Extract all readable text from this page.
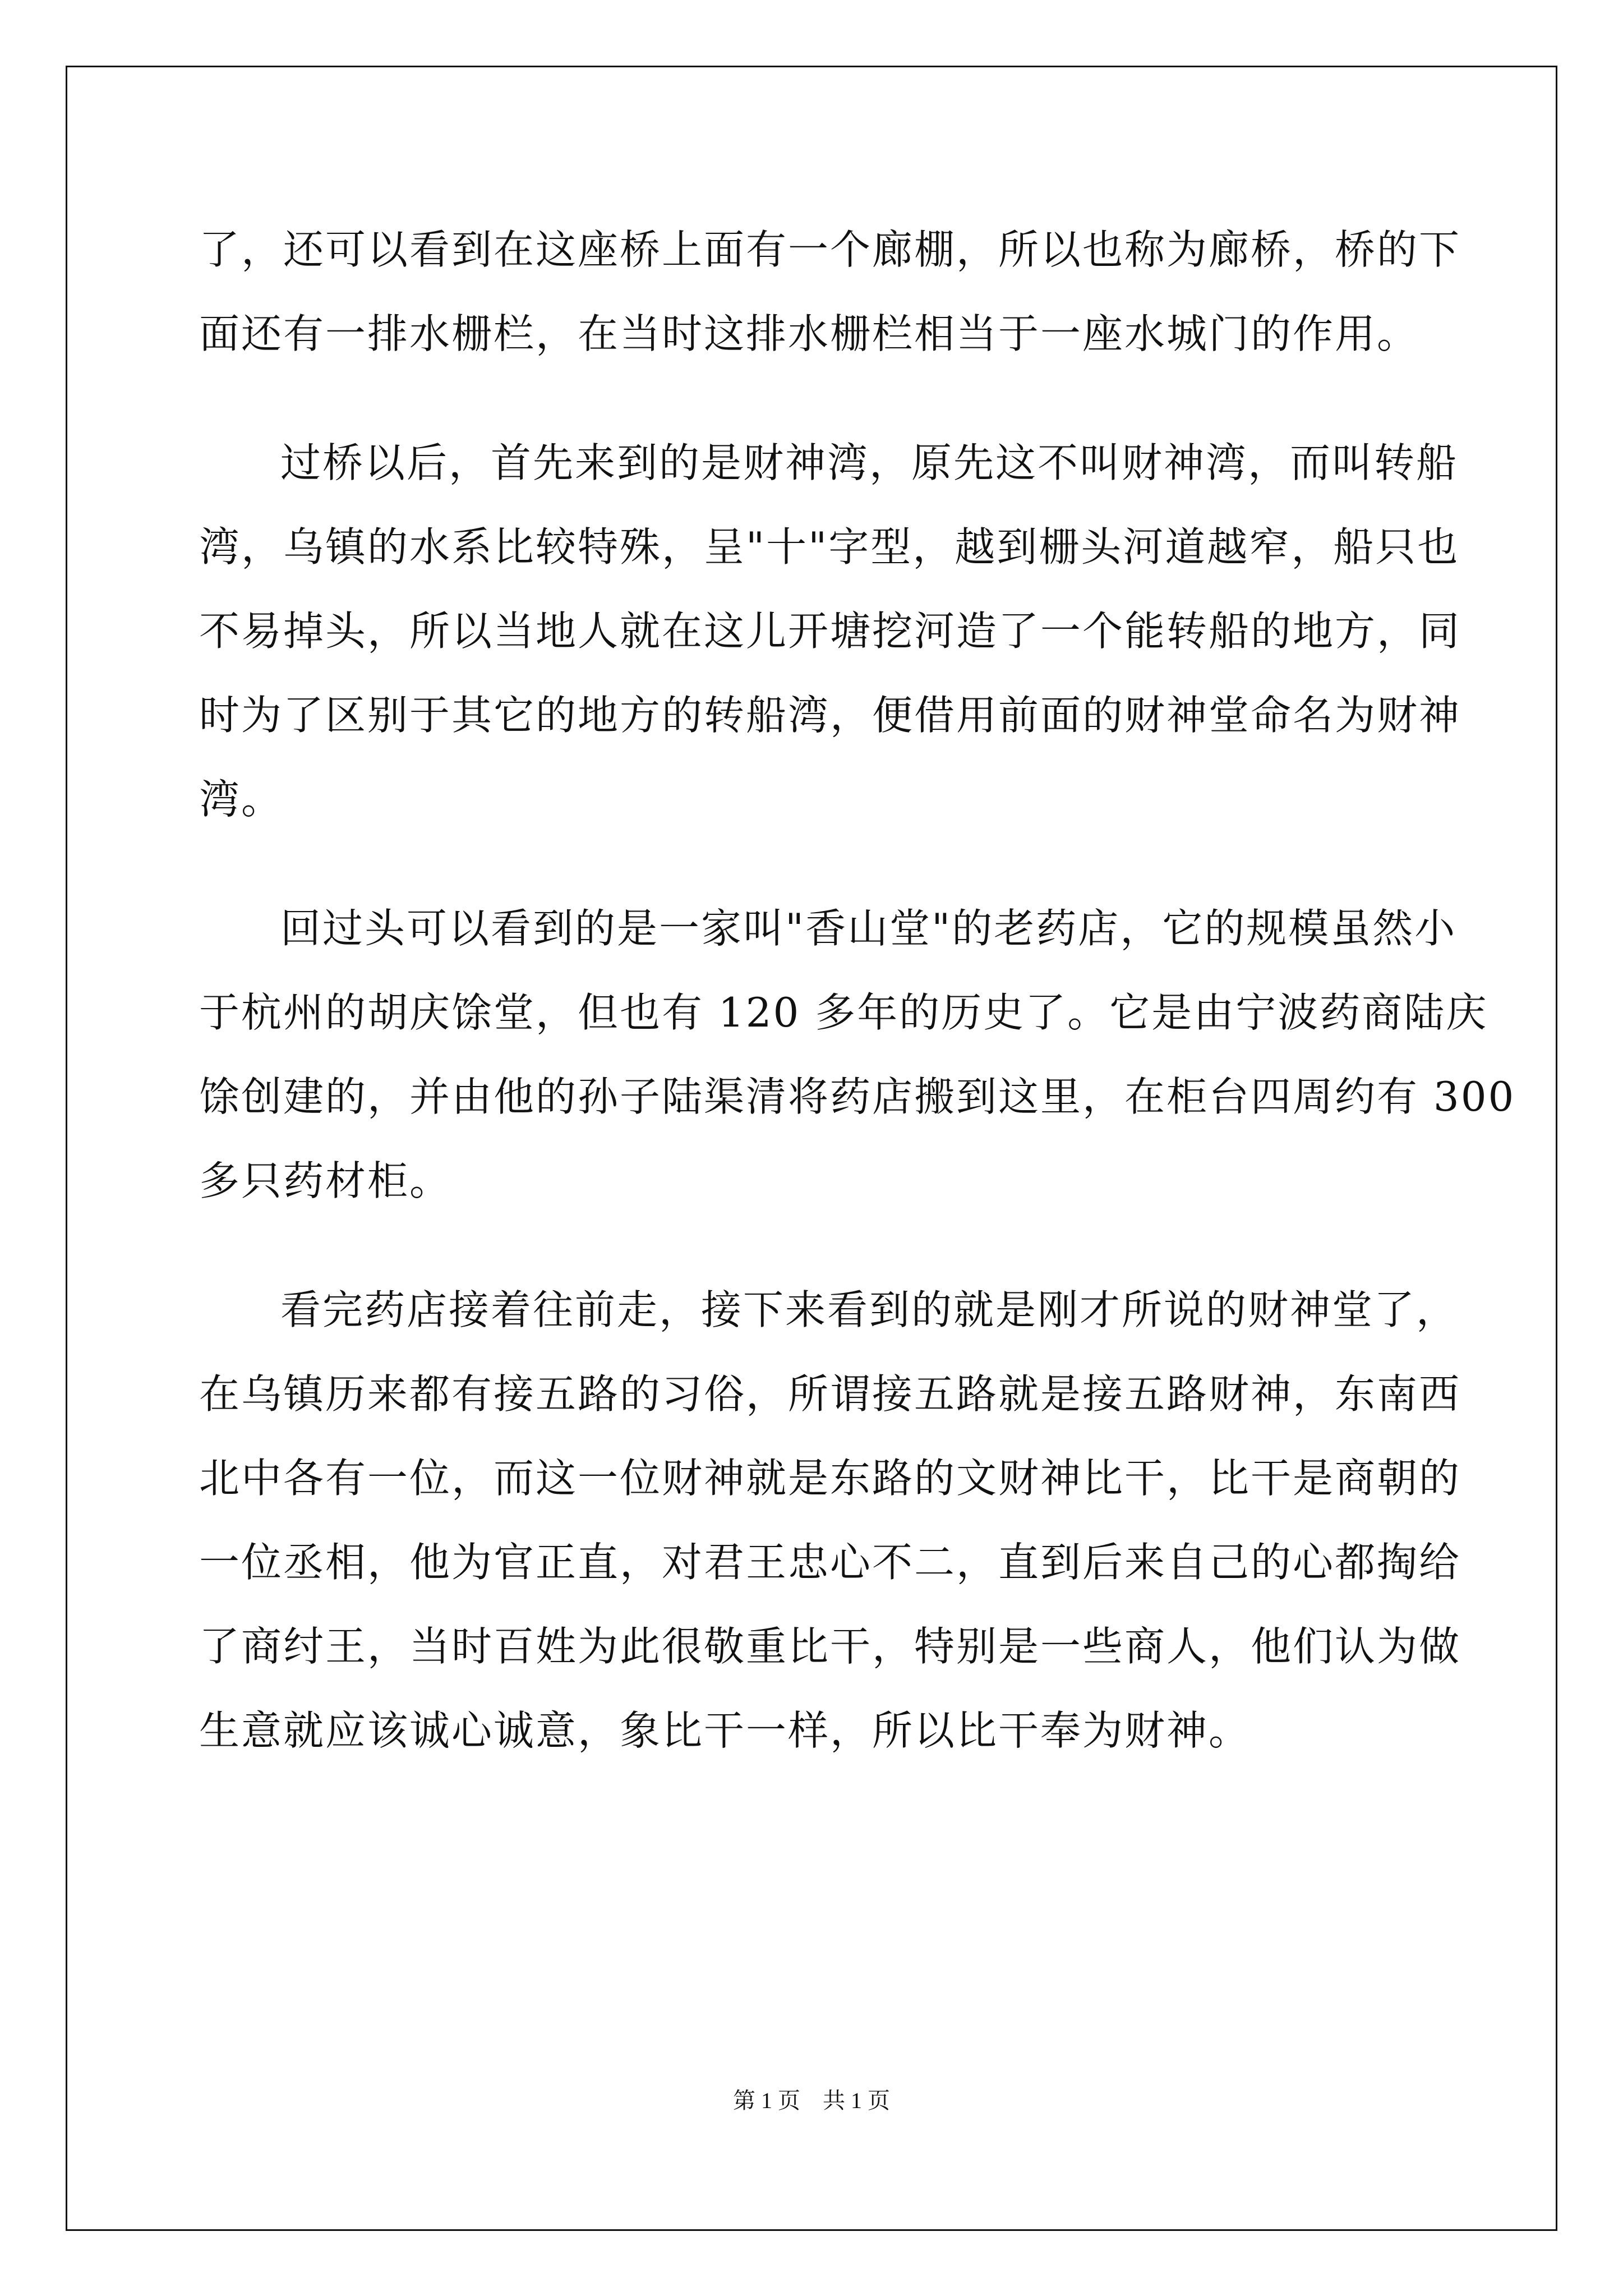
了，还可以看到在这座桥上面有一个廊棚，所以也称为廊桥，桥的下
面还有一排水栅栏，在当时这排水栅栏相当于一座水城门的作用。
过桥以后，首先来到的是财神湾，原先这不叫财神湾，而叫转船
湾，乌镇的水系比较特殊，呈"十"字型，越到栅头河道越窄，船只也
不易掉头，所以当地人就在这儿开塘挖河造了一个能转船的地方，同
时为了区别于其它的地方的转船湾，便借用前面的财神堂命名为财神
湾。
回过头可以看到的是一家叫"香山堂"的老药店，它的规模虽然小
于杭州的胡庆馀堂，但也有 120 多年的历史了。它是由宁波药商陆庆
馀创建的，并由他的孙子陆渠清将药店搬到这里，在柜台四周约有 300
多只药材柜。
看完药店接着往前走，接下来看到的就是刚才所说的财神堂了，
在乌镇历来都有接五路的习俗，所谓接五路就是接五路财神，东南西
北中各有一位，而这一位财神就是东路的文财神比干，比干是商朝的
一位丞相，他为官正直，对君王忠心不二，直到后来自己的心都掏给
了商纣王，当时百姓为此很敬重比干，特别是一些商人，他们认为做
生意就应该诚心诚意，象比干一样，所以比干奉为财神。
第 1 页 共 1 页
